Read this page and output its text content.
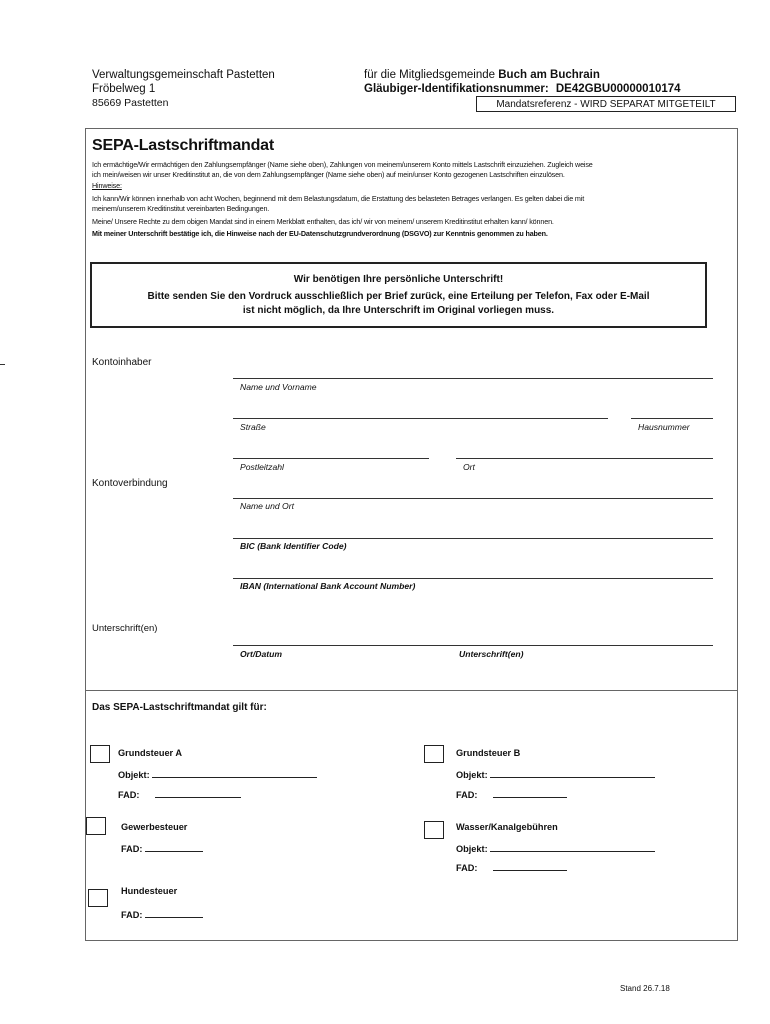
Verwaltungsgemeinschaft Pastetten
Fröbelweg 1
85669 Pastetten
für die Mitgliedsgemeinde Buch am Buchrain
Gläubiger-Identifikationsnummer: DE42GBU00000010174
Mandatsreferenz - WIRD SEPARAT MITGETEILT
SEPA-Lastschriftmandat
Ich ermächtige/Wir ermächtigen den Zahlungsempfänger (Name siehe oben), Zahlungen von meinem/unserem Konto mittels Lastschrift einzuziehen. Zugleich weise
ich mein/weisen wir unser Kreditinstitut an, die von dem Zahlungsempfänger (Name siehe oben) auf mein/unser Konto gezogenen Lastschriften einzulösen.
Hinweise:
Ich kann/Wir können innerhalb von acht Wochen, beginnend mit dem Belastungsdatum, die Erstattung des belasteten Betrages verlangen. Es gelten dabei die mit
meinem/unserem Kreditinstitut vereinbarten Bedingungen.
Meine/ Unsere Rechte zu dem obigen Mandat sind in einem Merkblatt enthalten, das ich/ wir von meinem/ unserem Kreditinstitut erhalten kann/ können.
Mit meiner Unterschrift bestätige ich, die Hinweise nach der EU-Datenschutzgrundverordnung (DSGVO) zur Kenntnis genommen zu haben.
Wir benötigen Ihre persönliche Unterschrift!
Bitte senden Sie den Vordruck ausschließlich per Brief zurück, eine Erteilung per Telefon, Fax oder E-Mail
ist nicht möglich, da Ihre Unterschrift im Original vorliegen muss.
Kontoinhaber
Name und Vorname
Straße	Hausnummer
Postleitzahl	Ort
Kontoverbindung
Name und Ort
BIC (Bank Identifier Code)
IBAN (International Bank Account Number)
Unterschrift(en)
Ort/Datum	Unterschrift(en)
Das SEPA-Lastschriftmandat gilt für:
Grundsteuer A
Objekt:
FAD:
Grundsteuer B
Objekt:
FAD:
Gewerbesteuer
FAD:
Wasser/Kanalgebühren
Objekt:
FAD:
Hundesteuer
FAD:
Stand 26.7.18
